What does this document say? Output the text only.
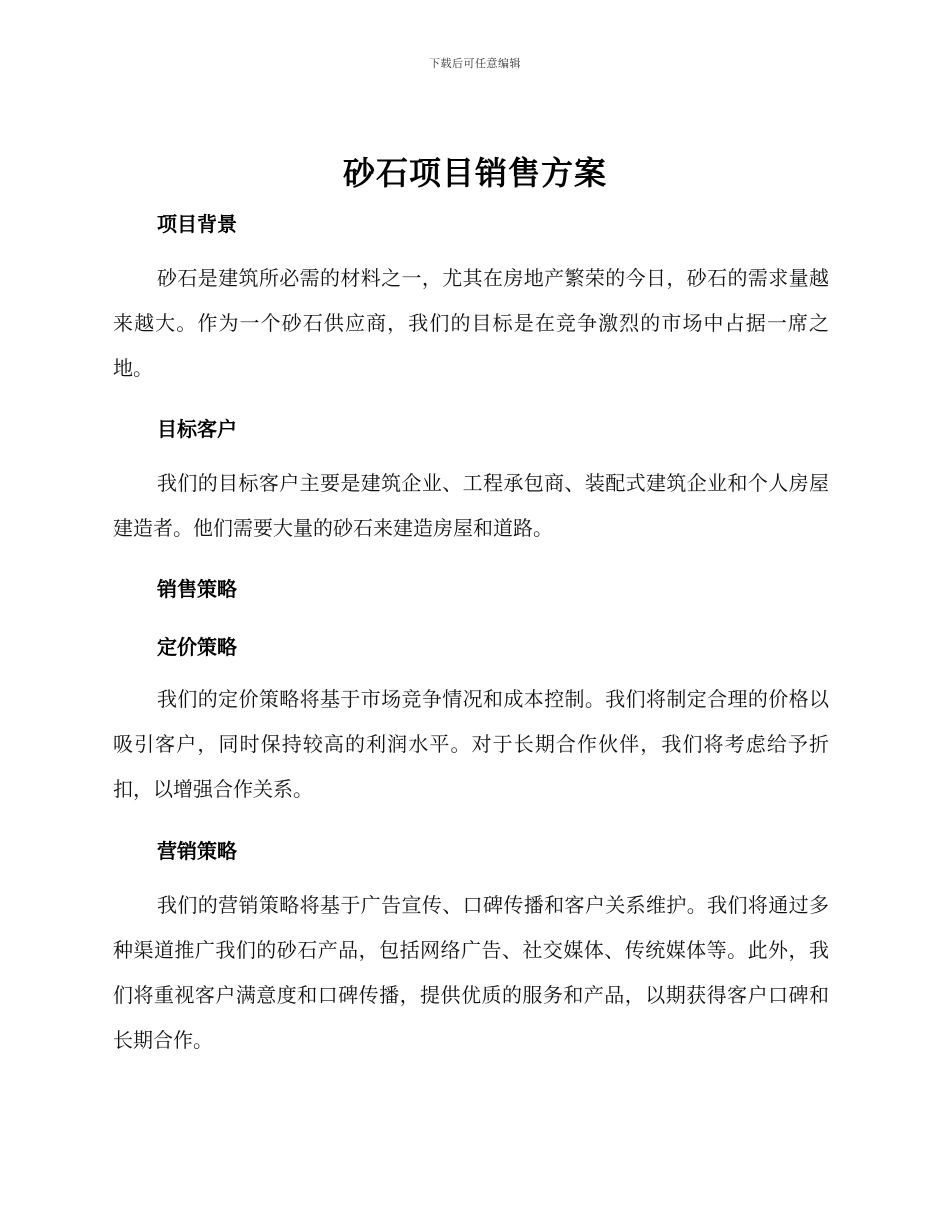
下载后可任意编辑
砂石项目销售方案
项目背景

砂石是建筑所必需的材料之一，尤其在房地产繁荣的今日，砂石的需求量越来越大。作为一个砂石供应商，我们的目标是在竞争激烈的市场中占据一席之地。

目标客户

我们的目标客户主要是建筑企业、工程承包商、装配式建筑企业和个人房屋建造者。他们需要大量的砂石来建造房屋和道路。

销售策略
定价策略

我们的定价策略将基于市场竞争情况和成本控制。我们将制定合理的价格以吸引客户，同时保持较高的利润水平。对于长期合作伙伴，我们将考虑给予折扣，以增强合作关系。

营销策略

我们的营销策略将基于广告宣传、口碑传播和客户关系维护。我们将通过多种渠道推广我们的砂石产品，包括网络广告、社交媒体、传统媒体等。此外，我们将重视客户满意度和口碑传播，提供优质的服务和产品，以期获得客户口碑和长期合作。
